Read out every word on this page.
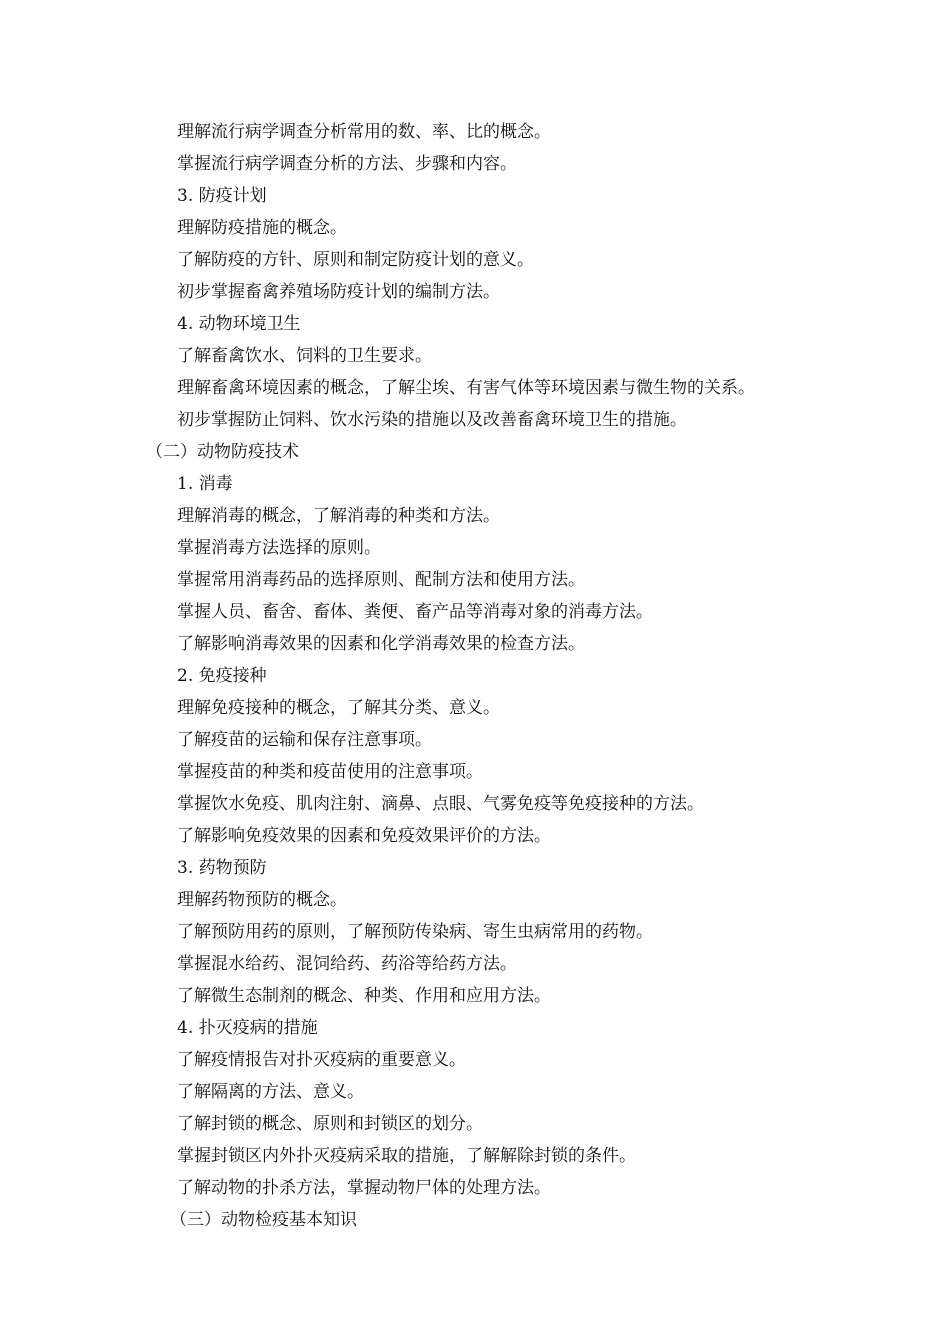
理解流行病学调查分析常用的数、率、比的概念。
掌握流行病学调查分析的方法、步骤和内容。
3. 防疫计划
理解防疫措施的概念。
了解防疫的方针、原则和制定防疫计划的意义。
初步掌握畜禽养殖场防疫计划的编制方法。
4. 动物环境卫生
了解畜禽饮水、饲料的卫生要求。
理解畜禽环境因素的概念，了解尘埃、有害气体等环境因素与微生物的关系。
初步掌握防止饲料、饮水污染的措施以及改善畜禽环境卫生的措施。
（二）动物防疫技术
1. 消毒
理解消毒的概念，了解消毒的种类和方法。
掌握消毒方法选择的原则。
掌握常用消毒药品的选择原则、配制方法和使用方法。
掌握人员、畜舍、畜体、粪便、畜产品等消毒对象的消毒方法。
了解影响消毒效果的因素和化学消毒效果的检查方法。
2. 免疫接种
理解免疫接种的概念，了解其分类、意义。
了解疫苗的运输和保存注意事项。
掌握疫苗的种类和疫苗使用的注意事项。
掌握饮水免疫、肌肉注射、滴鼻、点眼、气雾免疫等免疫接种的方法。
了解影响免疫效果的因素和免疫效果评价的方法。
3. 药物预防
理解药物预防的概念。
了解预防用药的原则，了解预防传染病、寄生虫病常用的药物。
掌握混水给药、混饲给药、药浴等给药方法。
了解微生态制剂的概念、种类、作用和应用方法。
4. 扑灭疫病的措施
了解疫情报告对扑灭疫病的重要意义。
了解隔离的方法、意义。
了解封锁的概念、原则和封锁区的划分。
掌握封锁区内外扑灭疫病采取的措施，了解解除封锁的条件。
了解动物的扑杀方法，掌握动物尸体的处理方法。
（三）动物检疫基本知识
